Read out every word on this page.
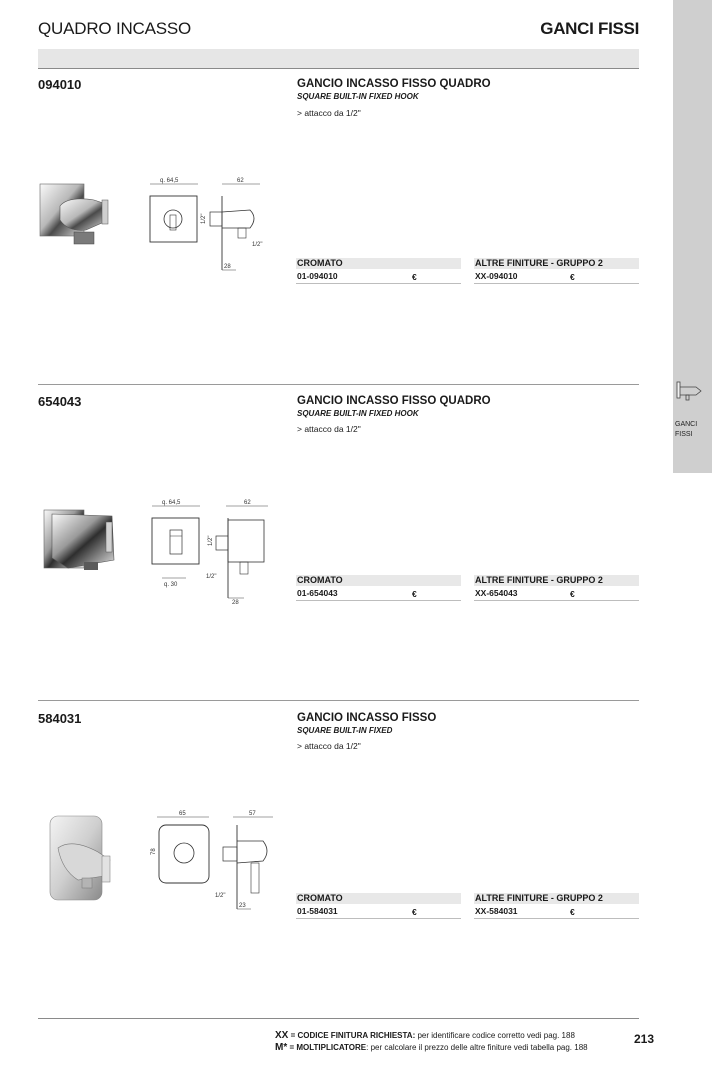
GANCI
FISSI
QUADRO INCASSO	GANCI FISSI
094010	GANCIO INCASSO FISSO QUADRO
SQUARE BUILT-IN FIXED HOOK
> attacco da 1/2"
q. 64,5	62
1/2"
1/2"
28	CROMATO
01-094010	€
ALTRE FINITURE - GRUPPO 2
XX-094010	€
654043	GANCIO INCASSO FISSO QUADRO
SQUARE BUILT-IN FIXED HOOK
> attacco da 1/2"
q. 64,5
q. 30
62
1/2"
1/2"
28
CROMATO
01-654043	€
ALTRE FINITURE - GRUPPO 2
XX-654043	€
584031	GANCIO INCASSO FISSO
SQUARE BUILT-IN FIXED
> attacco da 1/2"
65
78
57
1/2"
23
CROMATO
01-584031	€
ALTRE FINITURE - GRUPPO 2
XX-584031	€
XX = CODICE FINITURA RICHIESTA: per identificare codice corretto vedi pag. 188
M* = MOLTIPLICATORE: per calcolare il prezzo delle altre finiture vedi tabella pag. 188
213
